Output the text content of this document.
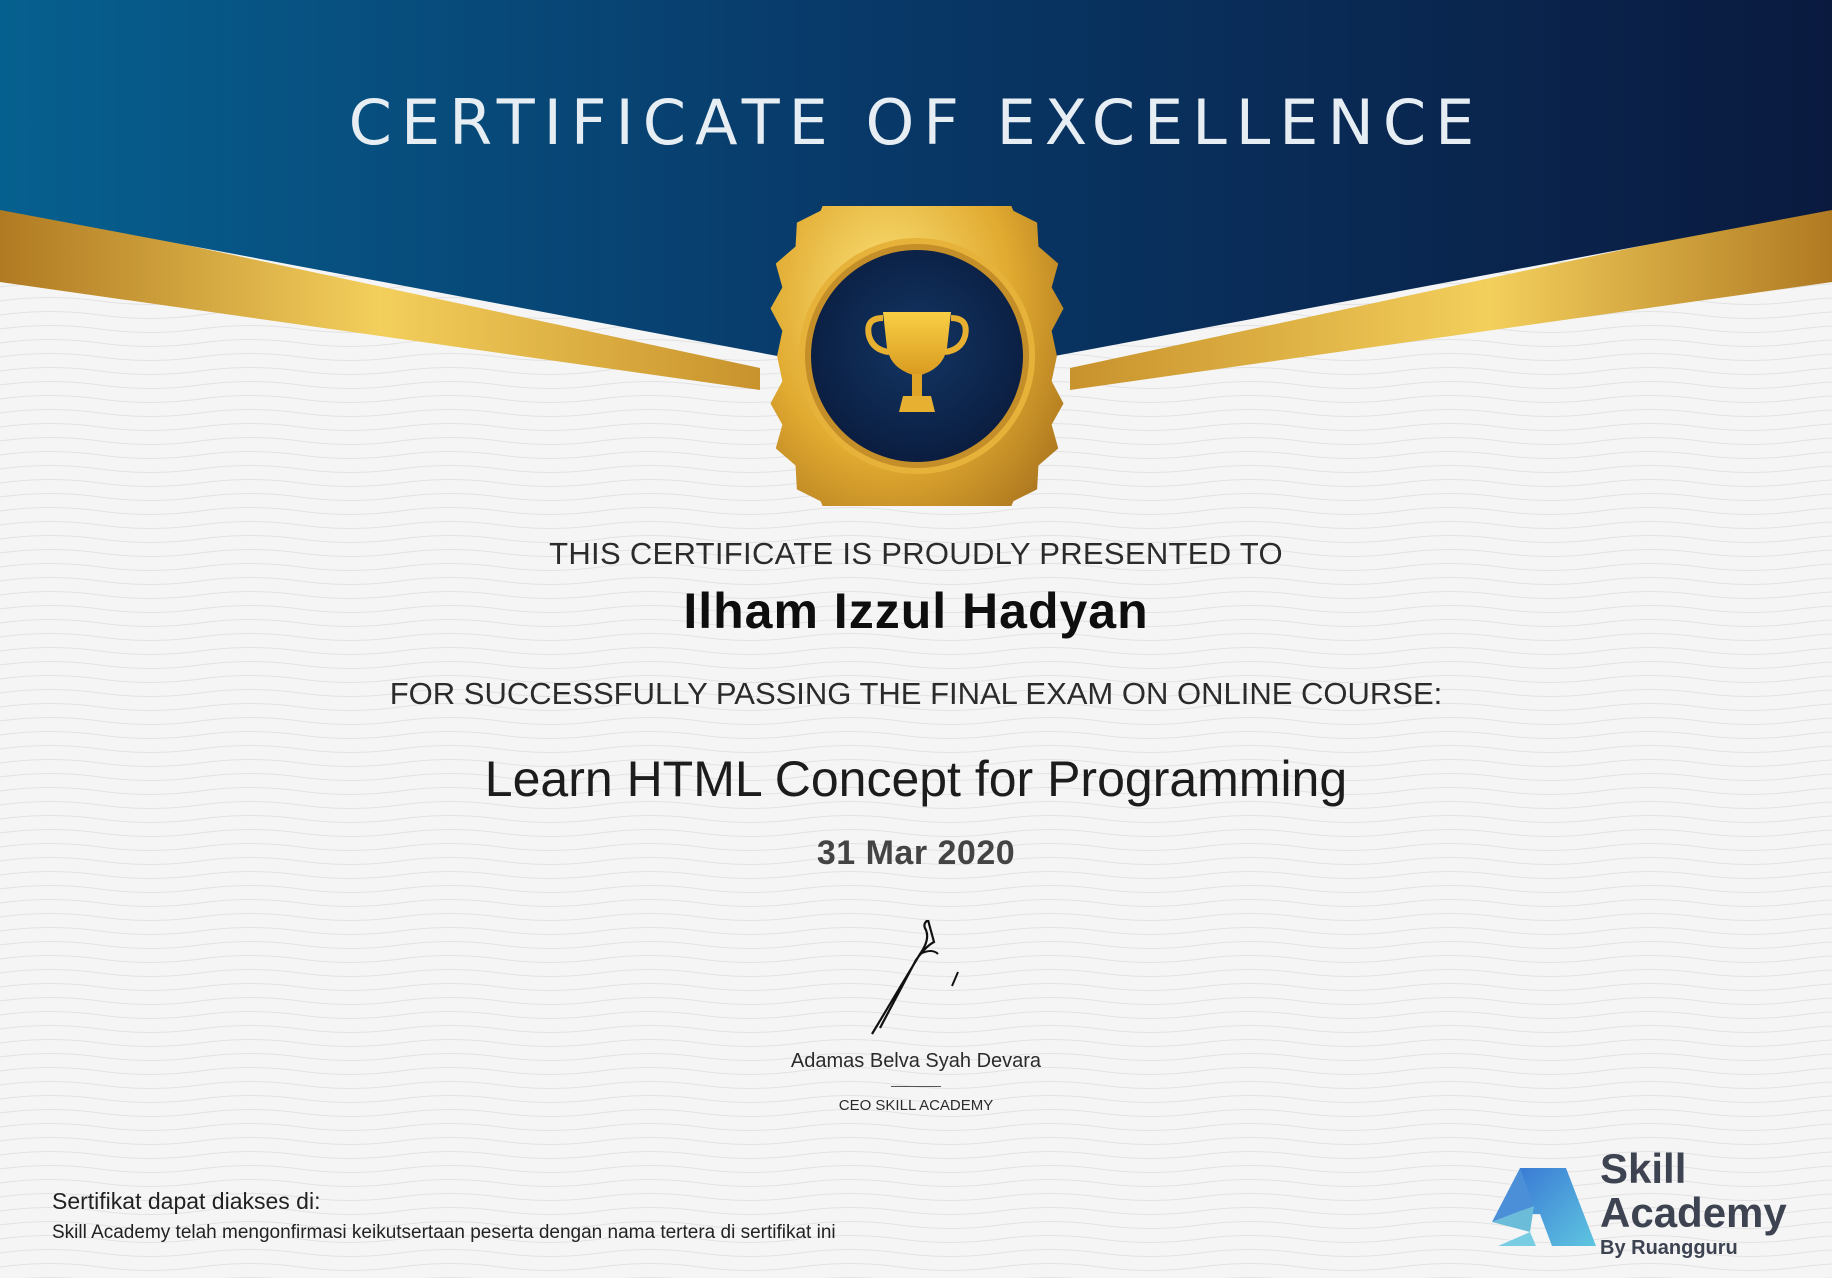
CERTIFICATE OF EXCELLENCE
THIS CERTIFICATE IS PROUDLY PRESENTED TO
Ilham Izzul Hadyan
FOR SUCCESSFULLY PASSING THE FINAL EXAM ON ONLINE COURSE:
Learn HTML Concept for Programming
31 Mar 2020
Adamas Belva Syah Devara
CEO SKILL ACADEMY
Sertifikat dapat diakses di:
Skill Academy telah mengonfirmasi keikutsertaan peserta dengan nama tertera di sertifikat ini
Skill
Academy
By Ruangguru
